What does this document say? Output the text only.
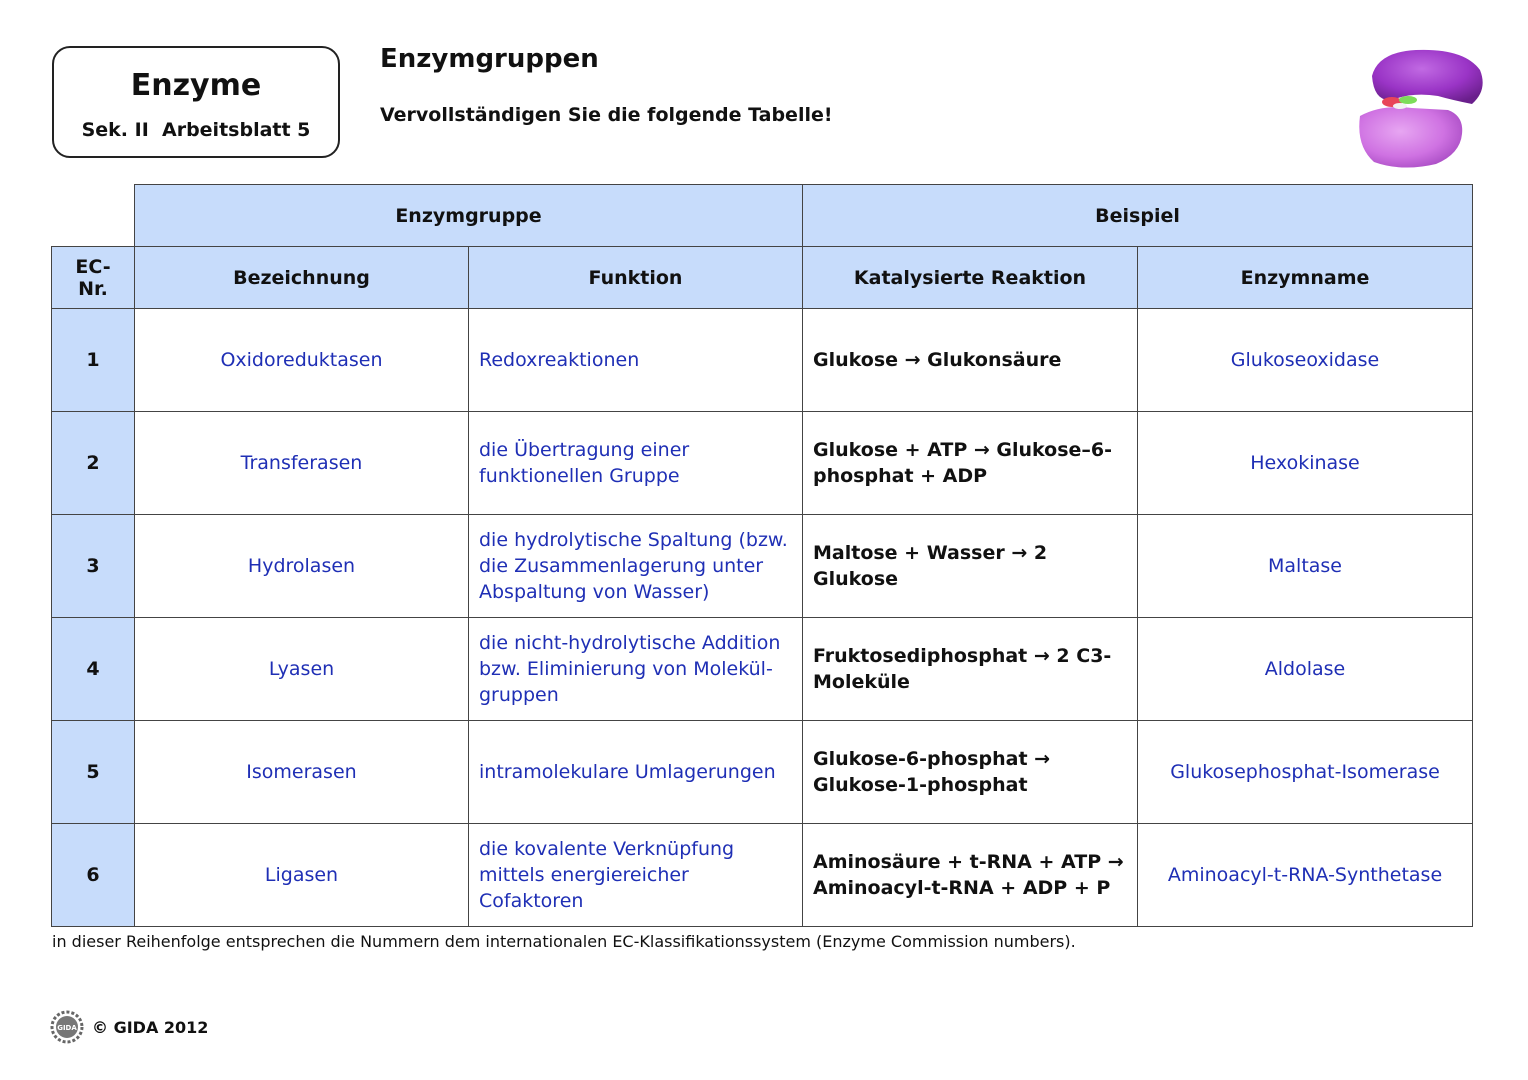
Enzyme
Sek. II  Arbeitsblatt 5
Enzymgruppen
Vervollständigen Sie die folgende Tabelle!
	Enzymgruppe		Beispiel	
EC-Nr.	Bezeichnung	Funktion	Katalysierte Reaktion	Enzymname
1	Oxidoreduktasen	Redoxreaktionen	Glukose → Glukonsäure	Glukoseoxidase
2	Transferasen	die Übertragung einer funktionellen Gruppe	Glukose + ATP → Glukose–6-phosphat + ADP	Hexokinase
3	Hydrolasen	die hydrolytische Spaltung (bzw. die Zusammenlagerung unter Abspaltung von Wasser)	Maltose + Wasser → 2 Glukose	Maltase
4	Lyasen	die nicht-hydrolytische Addition bzw. Eliminierung von Molekül- gruppen	Fruktosediphosphat → 2 C3-Moleküle	Aldolase
5	Isomerasen	intramolekulare Umlagerungen	Glukose-6-phosphat → Glukose-1-phosphat	Glukosephosphat-Isomerase
6	Ligasen	die kovalente Verknüpfung mittels energiereicher Cofaktoren	Aminosäure + t-RNA + ATP → Aminoacyl-t-RNA + ADP + P	Aminoacyl-t-RNA-Synthetase
in dieser Reihenfolge entsprechen die Nummern dem internationalen EC-Klassifikationssystem (Enzyme Commission numbers).
GIDA © GIDA 2012
